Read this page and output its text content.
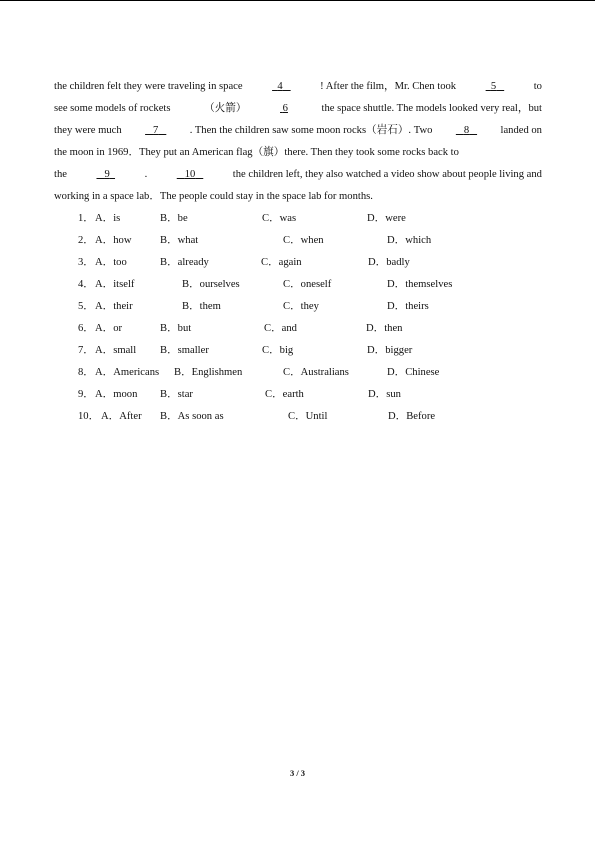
the children felt they were traveling in space	4	! After the film，Mr. Chen took	5	to
see some models of rockets	（火箭）	6	the space shuttle. The models looked very real，but
they were much	7	. Then the children saw some moon rocks（岩石）. Two	8	landed on
the moon in 1969．They put an American flag（旗）there. Then they took some rocks back to
the	9	.	10	the children left, they also watched a video show about people living and
working in a space lab．The people could stay in the space lab for months.
1． A．is	B．be	C．was	D．were
2． A．how	B．what	C．when	D．which
3． A．too	B．already	C．again	D．badly
4． A．itself	B．ourselves	C．oneself	D．themselves
5． A．their	B．them	C．they	D．theirs
6． A．or	B．but	C．and	D．then
7． A．small B．smaller	C．big	D．bigger
8． A．Americans B．Englishmen	C．Australians	D．Chinese
9． A．moon B．star	C．earth	D．sun
10． A．After B．As soon as	C．Until	D．Before
3 / 3
